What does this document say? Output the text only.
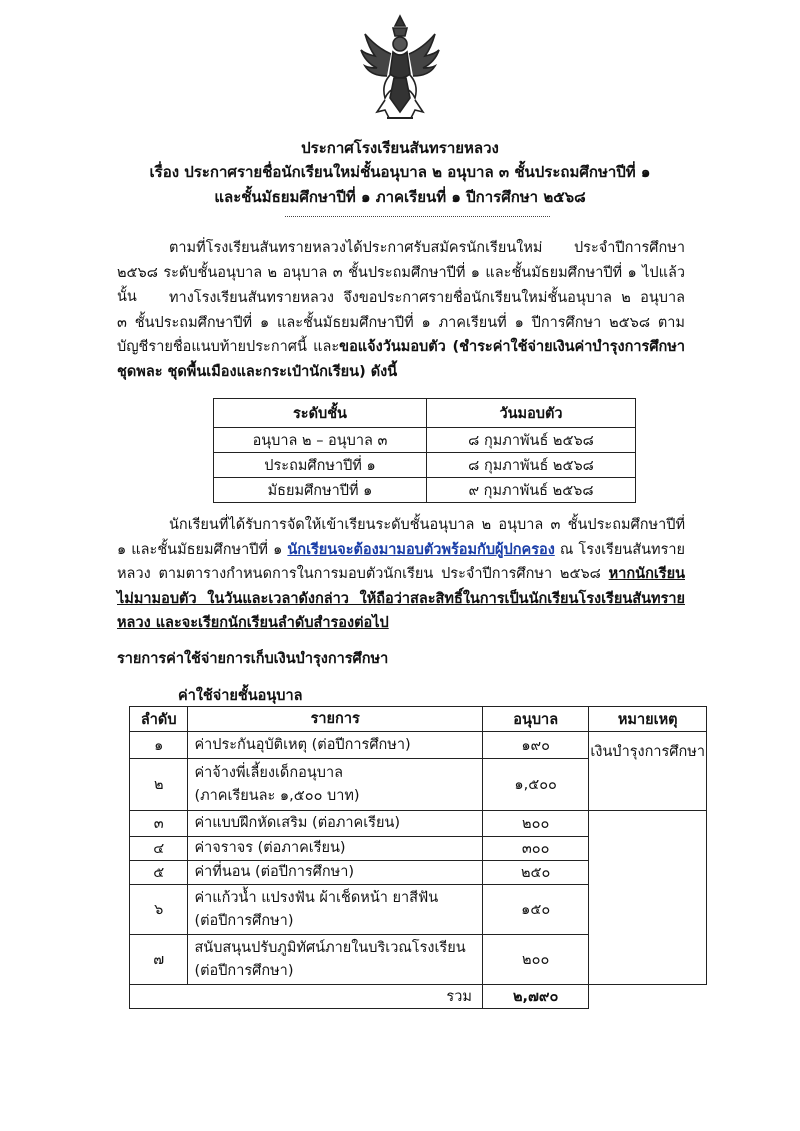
ประกาศโรงเรียนสันทรายหลวง
เรื่อง ประกาศรายชื่อนักเรียนใหม่ชั้นอนุบาล ๒ อนุบาล ๓ ชั้นประถมศึกษาปีที่ ๑
และชั้นมัธยมศึกษาปีที่ ๑ ภาคเรียนที่ ๑ ปีการศึกษา ๒๕๖๘
ตามที่โรงเรียนสันทรายหลวงได้ประกาศรับสมัครนักเรียนใหม่ ประจำปีการศึกษา ๒๕๖๘ ระดับชั้นอนุบาล ๒ อนุบาล ๓ ชั้นประถมศึกษาปีที่ ๑ และชั้นมัธยมศึกษาปีที่ ๑ ไปแล้วนั้น	ทางโรงเรียนสันทรายหลวง จึงขอประกาศรายชื่อนักเรียนใหม่ชั้นอนุบาล ๒ อนุบาล ๓ ชั้นประถมศึกษาปีที่ ๑ และชั้นมัธยมศึกษาปีที่ ๑ ภาคเรียนที่ ๑ ปีการศึกษา ๒๕๖๘ ตามบัญชีรายชื่อแนบท้ายประกาศนี้ และขอแจ้งวันมอบตัว (ชำระค่าใช้จ่ายเงินค่าบำรุงการศึกษา ชุดพละ ชุดพื้นเมืองและกระเป๋านักเรียน) ดังนี้
ระดับชั้น	วันมอบตัว
อนุบาล ๒ – อนุบาล ๓	๘ กุมภาพันธ์ ๒๕๖๘
ประถมศึกษาปีที่ ๑	๘ กุมภาพันธ์ ๒๕๖๘
มัธยมศึกษาปีที่ ๑	๙ กุมภาพันธ์ ๒๕๖๘
นักเรียนที่ได้รับการจัดให้เข้าเรียนระดับชั้นอนุบาล ๒ อนุบาล ๓ ชั้นประถมศึกษาปีที่ ๑ และชั้นมัธยมศึกษาปีที่ ๑ นักเรียนจะต้องมามอบตัวพร้อมกับผู้ปกครอง ณ โรงเรียนสันทรายหลวง ตามตารางกำหนดการในการมอบตัวนักเรียน ประจำปีการศึกษา ๒๕๖๘ หากนักเรียนไม่มามอบตัว ในวันและเวลาดังกล่าว ให้ถือว่าสละสิทธิ์ในการเป็นนักเรียนโรงเรียนสันทรายหลวง และจะเรียกนักเรียนลำดับสำรองต่อไป
รายการค่าใช้จ่ายการเก็บเงินบำรุงการศึกษา
ค่าใช้จ่ายชั้นอนุบาล
ลำดับ	รายการ	อนุบาล	หมายเหตุ
๑	ค่าประกันอุบัติเหตุ (ต่อปีการศึกษา)	๑๙๐	เงินบำรุงการศึกษา
๒	ค่าจ้างพี่เลี้ยงเด็กอนุบาล
(ภาคเรียนละ ๑,๕๐๐ บาท)	๑,๕๐๐	
๓	ค่าแบบฝึกหัดเสริม (ต่อภาคเรียน)	๒๐๐	
๔	ค่าจราจร (ต่อภาคเรียน)	๓๐๐	
๕	ค่าที่นอน (ต่อปีการศึกษา)	๒๕๐	
๖	ค่าแก้วน้ำ แปรงฟัน ผ้าเช็ดหน้า ยาสีฟัน
(ต่อปีการศึกษา)	๑๕๐	
๗	สนับสนุนปรับภูมิทัศน์ภายในบริเวณโรงเรียน
(ต่อปีการศึกษา)	๒๐๐	
รวม		๒,๗๙๐	
